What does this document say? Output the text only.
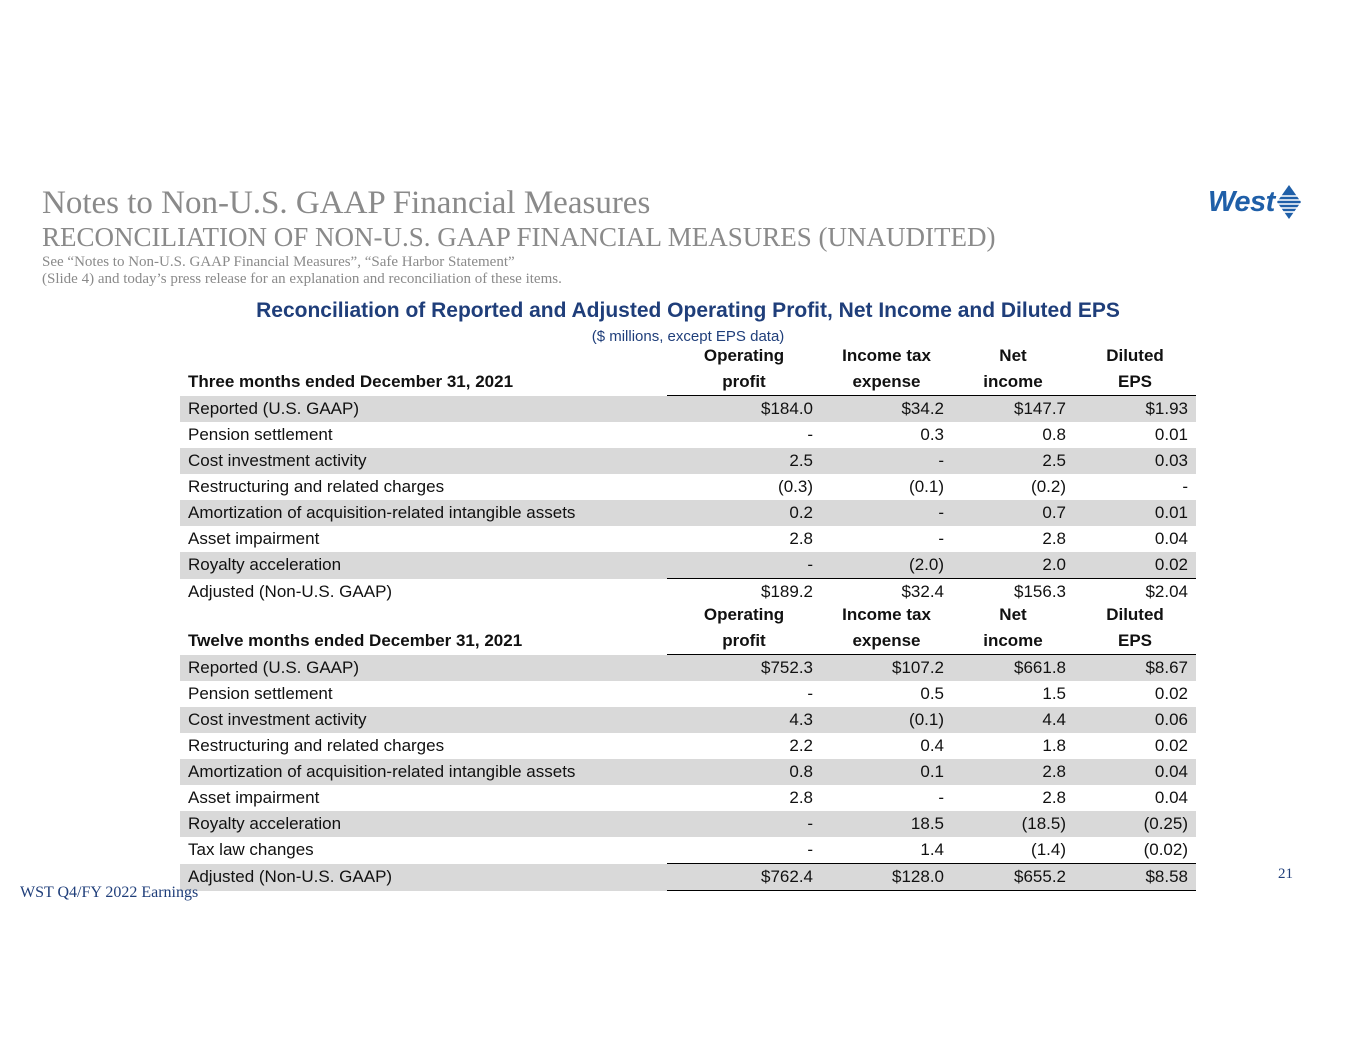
Notes to Non-U.S. GAAP Financial Measures
RECONCILIATION OF NON-U.S. GAAP FINANCIAL MEASURES (UNAUDITED)
See “Notes to Non-U.S. GAAP Financial Measures”, “Safe Harbor Statement”
(Slide 4) and today’s press release for an explanation and reconciliation of these items.
West
Reconciliation of Reported and Adjusted Operating Profit, Net Income and Diluted EPS
($ millions, except EPS data)
	Operating	Income tax	Net	Diluted
Three months ended December 31, 2021	profit	expense	income	EPS
Reported (U.S. GAAP)	$184.0	$34.2	$147.7	$1.93
Pension settlement	-	0.3	0.8	0.01
Cost investment activity	2.5	-	2.5	0.03
Restructuring and related charges	(0.3)	(0.1)	(0.2)	-
Amortization of acquisition-related intangible assets	0.2	-	0.7	0.01
Asset impairment	2.8	-	2.8	0.04
Royalty acceleration	-	(2.0)	2.0	0.02
Adjusted (Non-U.S. GAAP)	$189.2	$32.4	$156.3	$2.04
	Operating	Income tax	Net	Diluted
Twelve months ended December 31, 2021	profit	expense	income	EPS
Reported (U.S. GAAP)	$752.3	$107.2	$661.8	$8.67
Pension settlement	-	0.5	1.5	0.02
Cost investment activity	4.3	(0.1)	4.4	0.06
Restructuring and related charges	2.2	0.4	1.8	0.02
Amortization of acquisition-related intangible assets	0.8	0.1	2.8	0.04
Asset impairment	2.8	-	2.8	0.04
Royalty acceleration	-	18.5	(18.5)	(0.25)
Tax law changes	-	1.4	(1.4)	(0.02)
Adjusted (Non-U.S. GAAP)	$762.4	$128.0	$655.2	$8.58
WST Q4/FY 2022 Earnings
21
